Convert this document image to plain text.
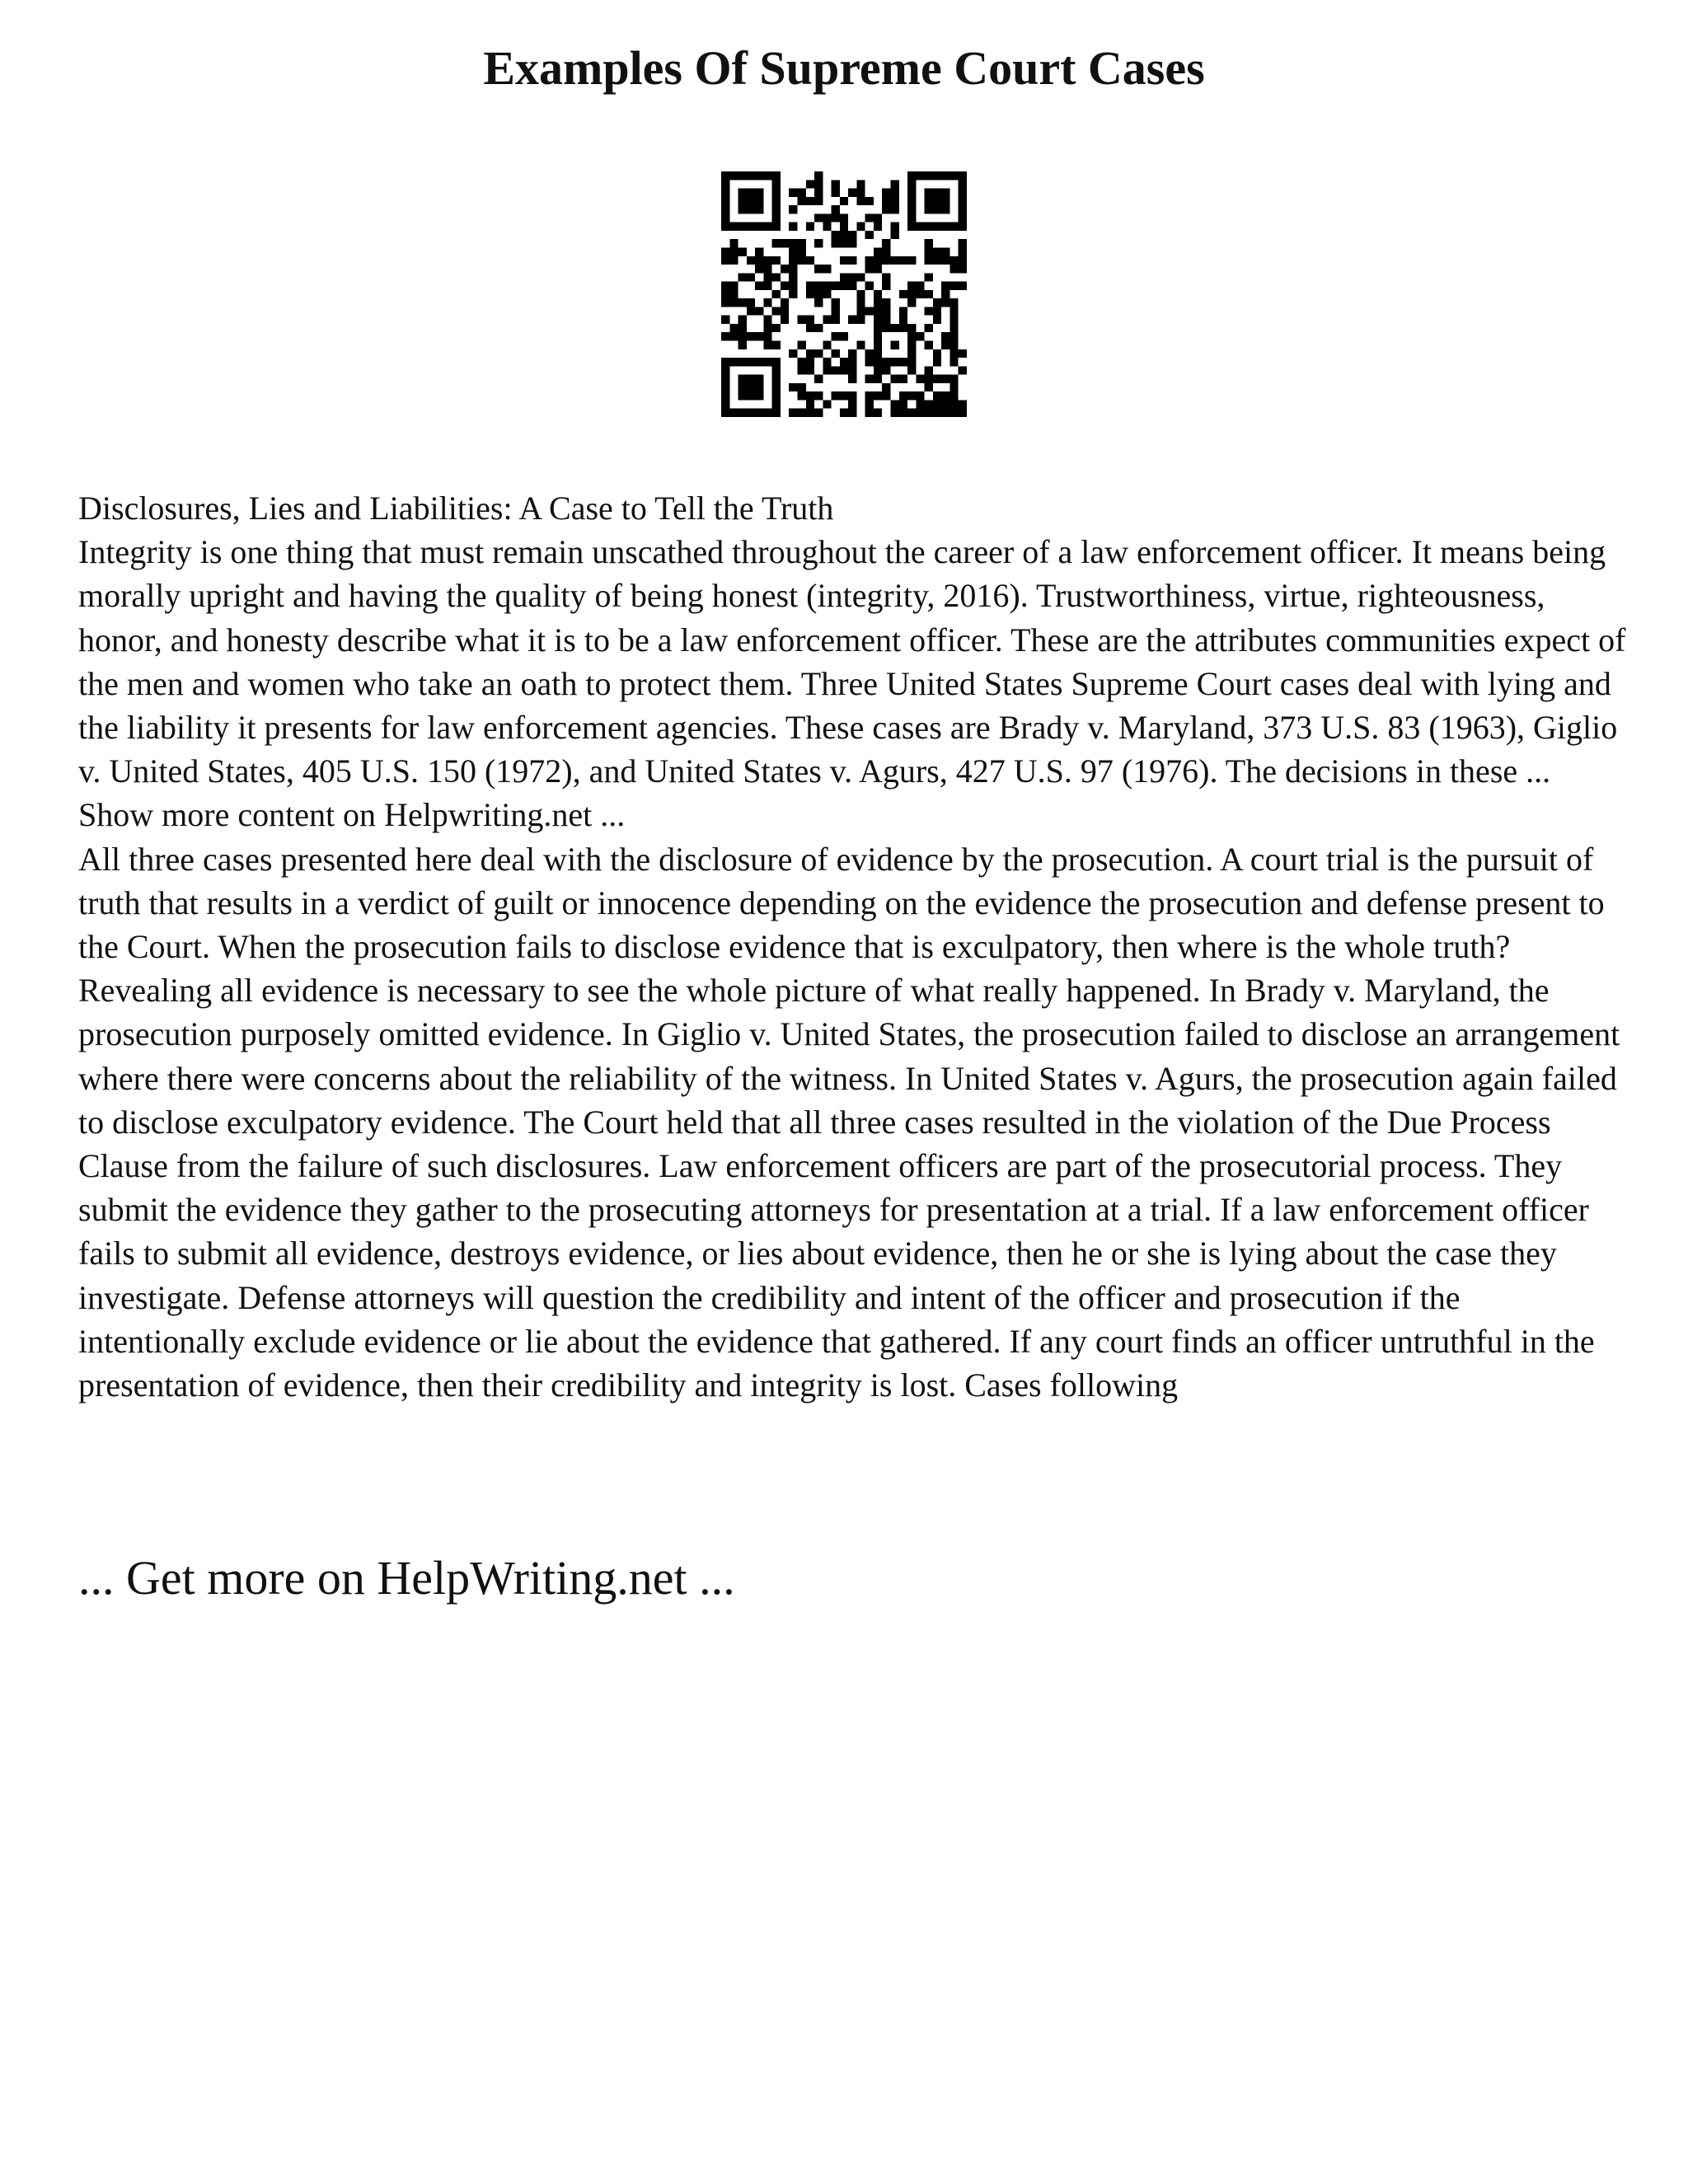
Examples Of Supreme Court Cases

Disclosures, Lies and Liabilities: A Case to Tell the Truth

Integrity is one thing that must remain unscathed throughout the career of a law enforcement officer. It means being morally upright and having the quality of being honest (integrity, 2016). Trustworthiness, virtue, righteousness, honor, and honesty describe what it is to be a law enforcement officer. These are the attributes communities expect of the men and women who take an oath to protect them. Three United States Supreme Court cases deal with lying and the liability it presents for law enforcement agencies. These cases are Brady v. Maryland, 373 U.S. 83 (1963), Giglio v. United States, 405 U.S. 150 (1972), and United States v. Agurs, 427 U.S. 97 (1976). The decisions in these ... Show more content on Helpwriting.net ...

All three cases presented here deal with the disclosure of evidence by the prosecution. A court trial is the pursuit of truth that results in a verdict of guilt or innocence depending on the evidence the prosecution and defense present to the Court. When the prosecution fails to disclose evidence that is exculpatory, then where is the whole truth? Revealing all evidence is necessary to see the whole picture of what really happened. In Brady v. Maryland, the prosecution purposely omitted evidence. In Giglio v. United States, the prosecution failed to disclose an arrangement where there were concerns about the reliability of the witness. In United States v. Agurs, the prosecution again failed to disclose exculpatory evidence. The Court held that all three cases resulted in the violation of the Due Process Clause from the failure of such disclosures. Law enforcement officers are part of the prosecutorial process. They submit the evidence they gather to the prosecuting attorneys for presentation at a trial. If a law enforcement officer fails to submit all evidence, destroys evidence, or lies about evidence, then he or she is lying about the case they investigate. Defense attorneys will question the credibility and intent of the officer and prosecution if the intentionally exclude evidence or lie about the evidence that gathered. If any court finds an officer untruthful in the presentation of evidence, then their credibility and integrity is lost. Cases following

... Get more on HelpWriting.net ...
